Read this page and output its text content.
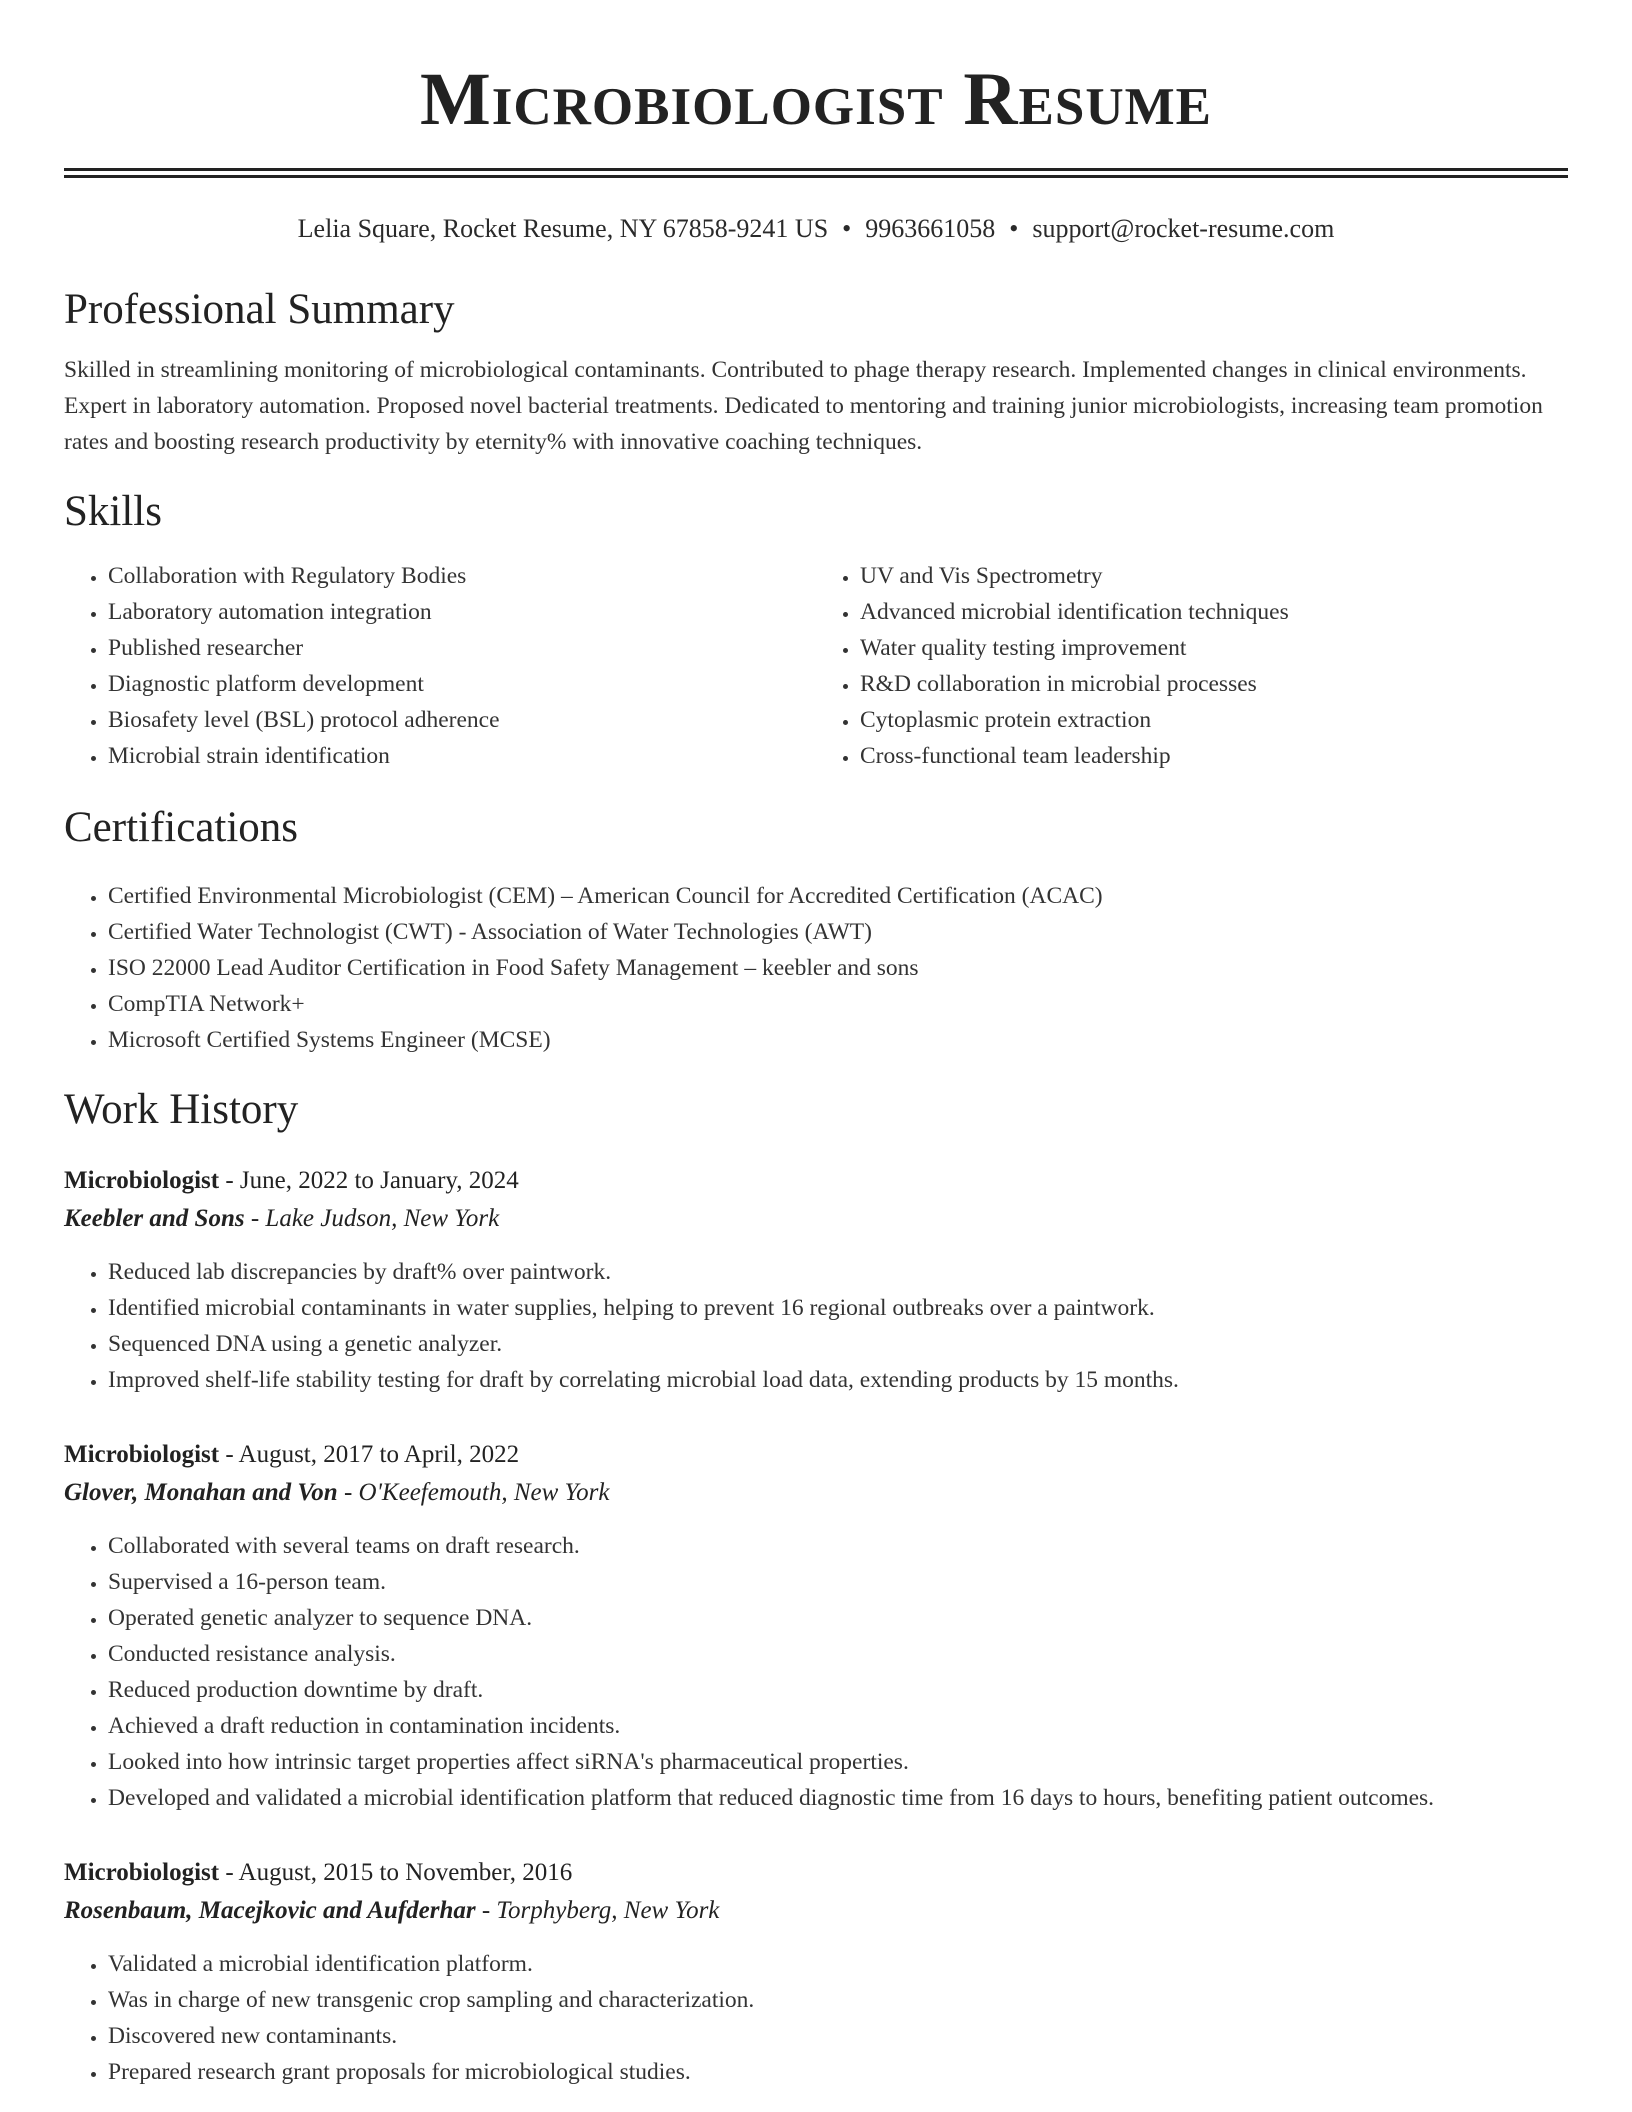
Microbiologist Resume
Lelia Square, Rocket Resume, NY 67858-9241 US • 9963661058 • support@rocket-resume.com
Professional Summary

Skilled in streamlining monitoring of microbiological contaminants. Contributed to phage therapy research. Implemented changes in clinical environments. Expert in laboratory automation. Proposed novel bacterial treatments. Dedicated to mentoring and training junior microbiologists, increasing team promotion rates and boosting research productivity by eternity% with innovative coaching techniques.

Skills
• Collaboration with Regulatory Bodies
• Laboratory automation integration
• Published researcher
• Diagnostic platform development
• Biosafety level (BSL) protocol adherence
• Microbial strain identification
• UV and Vis Spectrometry
• Advanced microbial identification techniques
• Water quality testing improvement
• R&D collaboration in microbial processes
• Cytoplasmic protein extraction
• Cross-functional team leadership
Certifications
• Certified Environmental Microbiologist (CEM) – American Council for Accredited Certification (ACAC)
• Certified Water Technologist (CWT) - Association of Water Technologies (AWT)
• ISO 22000 Lead Auditor Certification in Food Safety Management – keebler and sons
• CompTIA Network+
• Microsoft Certified Systems Engineer (MCSE)
Work History
Microbiologist - June, 2022 to January, 2024
Keebler and Sons - Lake Judson, New York
• Reduced lab discrepancies by draft% over paintwork.
• Identified microbial contaminants in water supplies, helping to prevent 16 regional outbreaks over a paintwork.
• Sequenced DNA using a genetic analyzer.
• Improved shelf-life stability testing for draft by correlating microbial load data, extending products by 15 months.
Microbiologist - August, 2017 to April, 2022
Glover, Monahan and Von - O'Keefemouth, New York
• Collaborated with several teams on draft research.
• Supervised a 16-person team.
• Operated genetic analyzer to sequence DNA.
• Conducted resistance analysis.
• Reduced production downtime by draft.
• Achieved a draft reduction in contamination incidents.
• Looked into how intrinsic target properties affect siRNA's pharmaceutical properties.
• Developed and validated a microbial identification platform that reduced diagnostic time from 16 days to hours, benefiting patient outcomes.
Microbiologist - August, 2015 to November, 2016
Rosenbaum, Macejkovic and Aufderhar - Torphyberg, New York
• Validated a microbial identification platform.
• Was in charge of new transgenic crop sampling and characterization.
• Discovered new contaminants.
• Prepared research grant proposals for microbiological studies.
